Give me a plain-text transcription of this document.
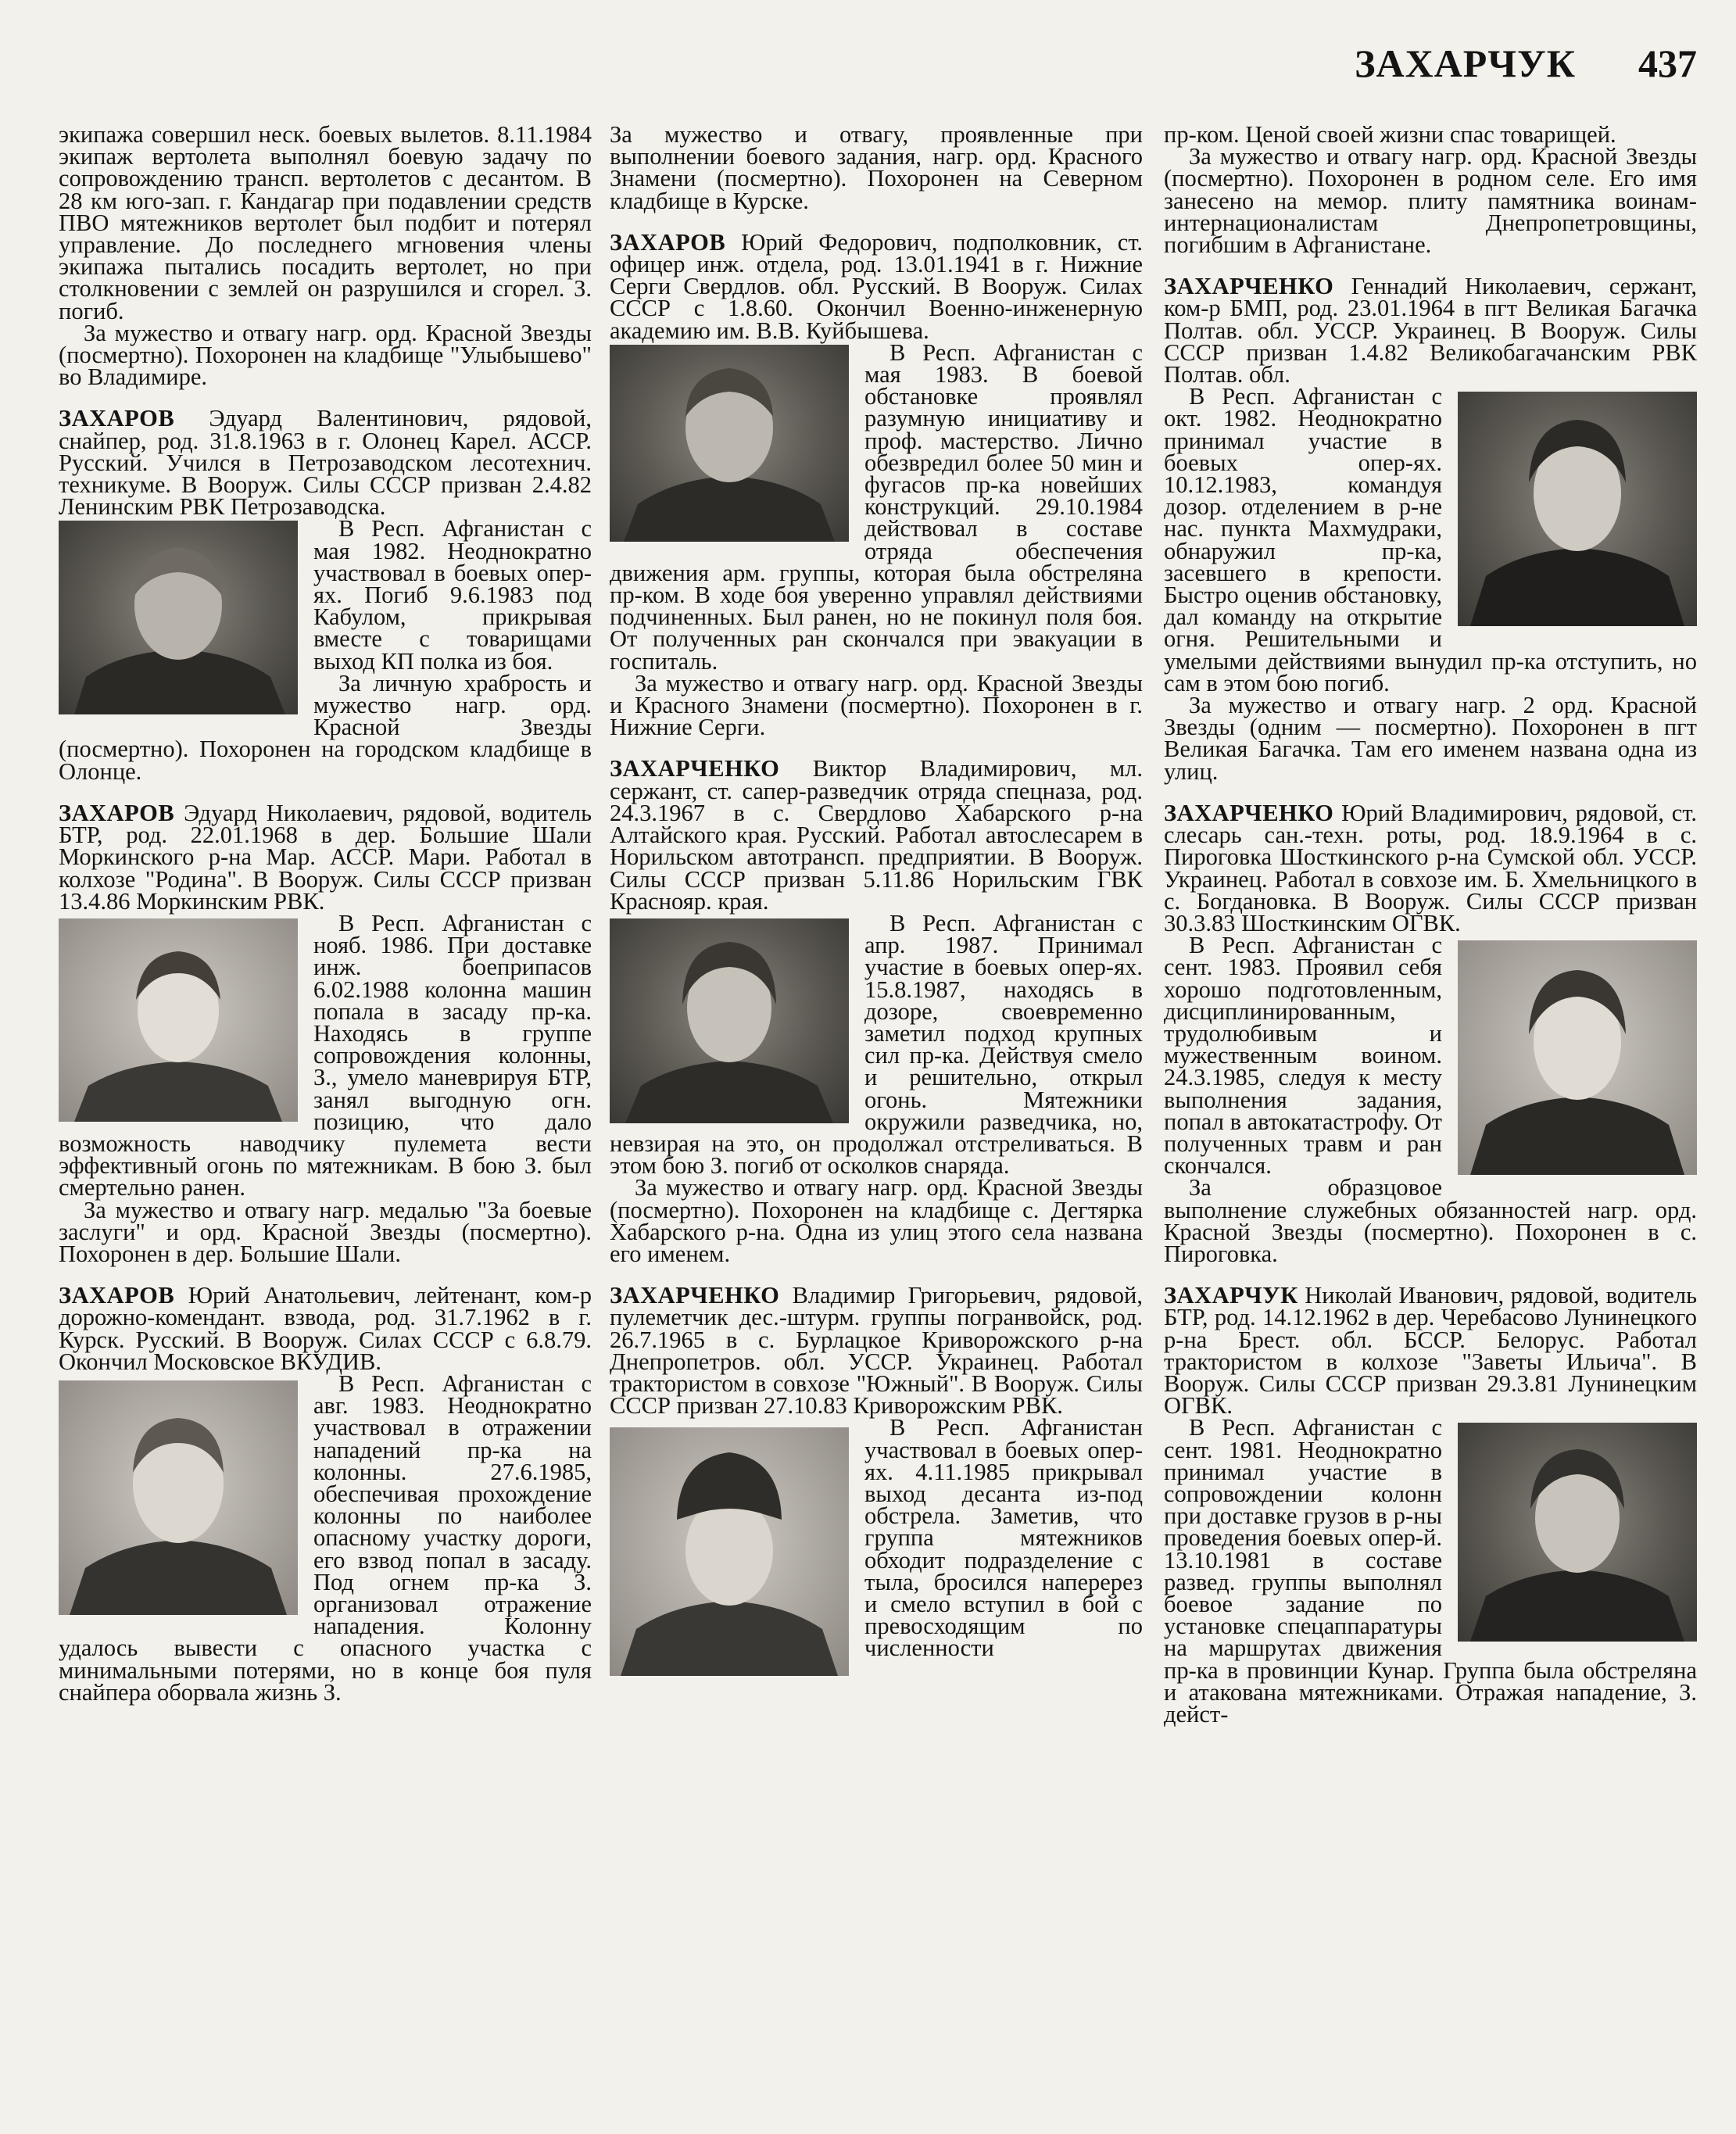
ЗАХАРЧУК 437

экипажа совершил неск. боевых вылетов. 8.11.1984 экипаж вертолета выполнял боевую задачу по сопровождению трансп. вертолетов с десантом. В 28 км юго-зап. г. Кандагар при подавлении средств ПВО мятежников вертолет был подбит и потерял управление. До последнего мгновения члены экипажа пытались посадить вертолет, но при столкновении с землей он разрушился и сгорел. З. погиб.

За мужество и отвагу нагр. орд. Красной Звезды (посмертно). Похоронен на кладбище "Улыбышево" во Владимире.

ЗАХАРОВ Эдуард Валентинович, рядовой, снайпер, род. 31.8.1963 в г. Олонец Карел. АССР. Русский. Учился в Петрозаводском лесотехнич. техникуме. В Вооруж. Силы СССР призван 2.4.82 Ленинским РВК Петрозаводска.

В Респ. Афганистан с мая 1982. Неоднократно участвовал в боевых опер-ях. Погиб 9.6.1983 под Кабулом, прикрывая вместе с товарищами выход КП полка из боя.

За личную храбрость и мужество нагр. орд. Красной Звезды (посмертно). Похоронен на городском кладбище в Олонце.

ЗАХАРОВ Эдуард Николаевич, рядовой, водитель БТР, род. 22.01.1968 в дер. Большие Шали Моркинского р-на Мар. АССР. Мари. Работал в колхозе "Родина". В Вооруж. Силы СССР призван 13.4.86 Моркинским РВК.

В Респ. Афганистан с нояб. 1986. При доставке инж. боеприпасов 6.02.1988 колонна машин попала в засаду пр-ка. Находясь в группе сопровождения колонны, З., умело маневрируя БТР, занял выгодную огн. позицию, что дало возможность наводчику пулемета вести эффективный огонь по мятежникам. В бою З. был смертельно ранен.

За мужество и отвагу нагр. медалью "За боевые заслуги" и орд. Красной Звезды (посмертно). Похоронен в дер. Большие Шали.

ЗАХАРОВ Юрий Анатольевич, лейтенант, ком-р дорожно-комендант. взвода, род. 31.7.1962 в г. Курск. Русский. В Вооруж. Силах СССР с 6.8.79. Окончил Московское ВКУДИВ.

В Респ. Афганистан с авг. 1983. Неоднократно участвовал в отражении нападений пр-ка на колонны. 27.6.1985, обеспечивая прохождение колонны по наиболее опасному участку дороги, его взвод попал в засаду. Под огнем пр-ка З. организовал отражение нападения. Колонну удалось вывести с опасного участка с минимальными потерями, но в конце боя пуля снайпера оборвала жизнь З.

За мужество и отвагу, проявленные при выполнении боевого задания, нагр. орд. Красного Знамени (посмертно). Похоронен на Северном кладбище в Курске.

ЗАХАРОВ Юрий Федорович, подполковник, ст. офицер инж. отдела, род. 13.01.1941 в г. Нижние Серги Свердлов. обл. Русский. В Вооруж. Силах СССР с 1.8.60. Окончил Военно-инженерную академию им. В.В. Куйбышева.

В Респ. Афганистан с мая 1983. В боевой обстановке проявлял разумную инициативу и проф. мастерство. Лично обезвредил более 50 мин и фугасов пр-ка новейших конструкций. 29.10.1984 действовал в составе отряда обеспечения движения арм. группы, которая была обстреляна пр-ком. В ходе боя уверенно управлял действиями подчиненных. Был ранен, но не покинул поля боя. От полученных ран скончался при эвакуации в госпиталь.

За мужество и отвагу нагр. орд. Красной Звезды и Красного Знамени (посмертно). Похоронен в г. Нижние Серги.

ЗАХАРЧЕНКО Виктор Владимирович, мл. сержант, ст. сапер-разведчик отряда спецназа, род. 24.3.1967 в с. Свердлово Хабарского р-на Алтайского края. Русский. Работал автослесарем в Норильском автотрансп. предприятии. В Вооруж. Силы СССР призван 5.11.86 Норильским ГВК Краснояр. края.

В Респ. Афганистан с апр. 1987. Принимал участие в боевых опер-ях. 15.8.1987, находясь в дозоре, своевременно заметил подход крупных сил пр-ка. Действуя смело и решительно, открыл огонь. Мятежники окружили разведчика, но, невзирая на это, он продолжал отстреливаться. В этом бою З. погиб от осколков снаряда.

За мужество и отвагу нагр. орд. Красной Звезды (посмертно). Похоронен на кладбище с. Дегтярка Хабарского р-на. Одна из улиц этого села названа его именем.

ЗАХАРЧЕНКО Владимир Григорьевич, рядовой, пулеметчик дес.-штурм. группы погранвойск, род. 26.7.1965 в с. Бурлацкое Криворожского р-на Днепропетров. обл. УССР. Украинец. Работал трактористом в совхозе "Южный". В Вооруж. Силы СССР призван 27.10.83 Криворожским РВК.

В Респ. Афганистан участвовал в боевых опер-ях. 4.11.1985 прикрывал выход десанта из-под обстрела. Заметив, что группа мятежников обходит подразделение с тыла, бросился наперерез и смело вступил в бой с превосходящим по численности

пр-ком. Ценой своей жизни спас товарищей.

За мужество и отвагу нагр. орд. Красной Звезды (посмертно). Похоронен в родном селе. Его имя занесено на мемор. плиту памятника воинам-интернационалистам Днепропетровщины, погибшим в Афганистане.

ЗАХАРЧЕНКО Геннадий Николаевич, сержант, ком-р БМП, род. 23.01.1964 в пгт Великая Багачка Полтав. обл. УССР. Украинец. В Вооруж. Силы СССР призван 1.4.82 Великобагачанским РВК Полтав. обл.

В Респ. Афганистан с окт. 1982. Неоднократно принимал участие в боевых опер-ях. 10.12.1983, командуя дозор. отделением в р-не нас. пункта Махмудраки, обнаружил пр-ка, засевшего в крепости. Быстро оценив обстановку, дал команду на открытие огня. Решительными и умелыми действиями вынудил пр-ка отступить, но сам в этом бою погиб.

За мужество и отвагу нагр. 2 орд. Красной Звезды (одним — посмертно). Похоронен в пгт Великая Багачка. Там его именем названа одна из улиц.

ЗАХАРЧЕНКО Юрий Владимирович, рядовой, ст. слесарь сан.-техн. роты, род. 18.9.1964 в с. Пироговка Шосткинского р-на Сумской обл. УССР. Украинец. Работал в совхозе им. Б. Хмельницкого в с. Богдановка. В Вооруж. Силы СССР призван 30.3.83 Шосткинским ОГВК.

В Респ. Афганистан с сент. 1983. Проявил себя хорошо подготовленным, дисциплинированным, трудолюбивым и мужественным воином. 24.3.1985, следуя к месту выполнения задания, попал в автокатастрофу. От полученных травм и ран скончался.

За образцовое выполнение служебных обязанностей нагр. орд. Красной Звезды (посмертно). Похоронен в с. Пироговка.

ЗАХАРЧУК Николай Иванович, рядовой, водитель БТР, род. 14.12.1962 в дер. Черебасово Лунинецкого р-на Брест. обл. БССР. Белорус. Работал трактористом в колхозе "Заветы Ильича". В Вооруж. Силы СССР призван 29.3.81 Лунинецким ОГВК.

В Респ. Афганистан с сент. 1981. Неоднократно принимал участие в сопровождении колонн при доставке грузов в р-ны проведения боевых опер-й. 13.10.1981 в составе развед. группы выполнял боевое задание по установке спецаппаратуры на маршрутах движения пр-ка в провинции Кунар. Группа была обстреляна и атакована мятежниками. Отражая нападение, З. дейст-
